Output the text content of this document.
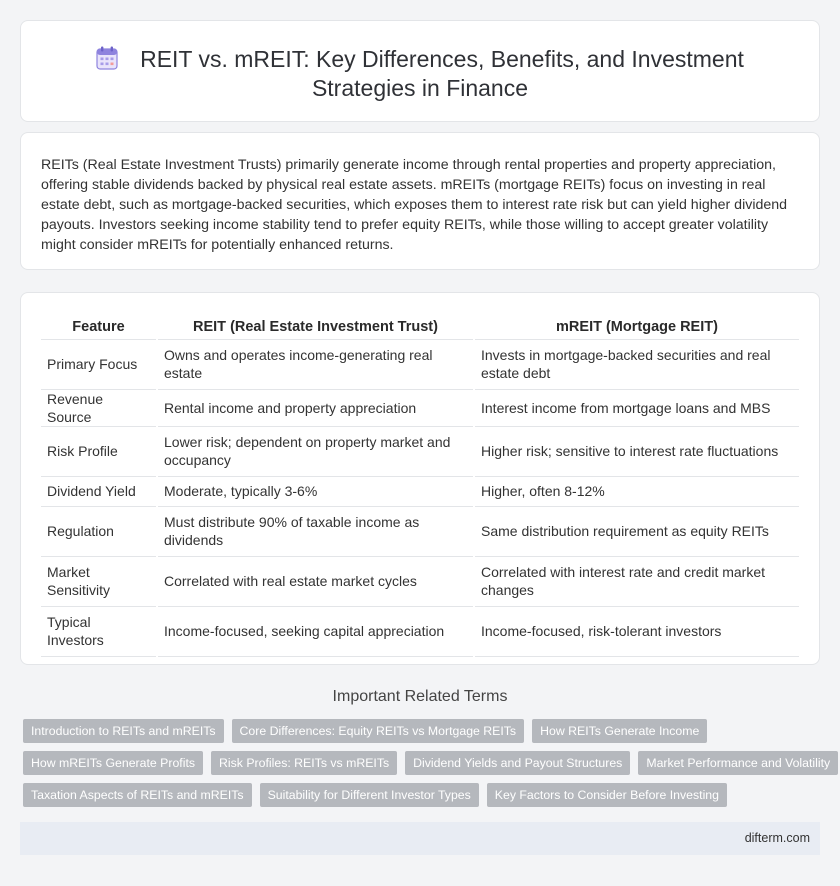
REIT vs. mREIT: Key Differences, Benefits, and Investment Strategies in Finance

REITs (Real Estate Investment Trusts) primarily generate income through rental properties and property appreciation, offering stable dividends backed by physical real estate assets. mREITs (mortgage REITs) focus on investing in real estate debt, such as mortgage-backed securities, which exposes them to interest rate risk but can yield higher dividend payouts. Investors seeking income stability tend to prefer equity REITs, while those willing to accept greater volatility might consider mREITs for potentially enhanced returns.

Feature	REIT (Real Estate Investment Trust)	mREIT (Mortgage REIT)
Primary Focus	Owns and operates income-generating real estate	Invests in mortgage-backed securities and real estate debt
Revenue Source	Rental income and property appreciation	Interest income from mortgage loans and MBS
Risk Profile	Lower risk; dependent on property market and occupancy	Higher risk; sensitive to interest rate fluctuations
Dividend Yield	Moderate, typically 3-6%	Higher, often 8-12%
Regulation	Must distribute 90% of taxable income as dividends	Same distribution requirement as equity REITs
Market Sensitivity	Correlated with real estate market cycles	Correlated with interest rate and credit market changes
Typical Investors	Income-focused, seeking capital appreciation	Income-focused, risk-tolerant investors
Important Related Terms
Introduction to REITs and mREITs	Core Differences: Equity REITs vs Mortgage REITs	How REITs Generate Income
How mREITs Generate Profits	Risk Profiles: REITs vs mREITs	Dividend Yields and Payout Structures	Market Performance and Volatility
Taxation Aspects of REITs and mREITs	Suitability for Different Investor Types	Key Factors to Consider Before Investing
difterm.com
